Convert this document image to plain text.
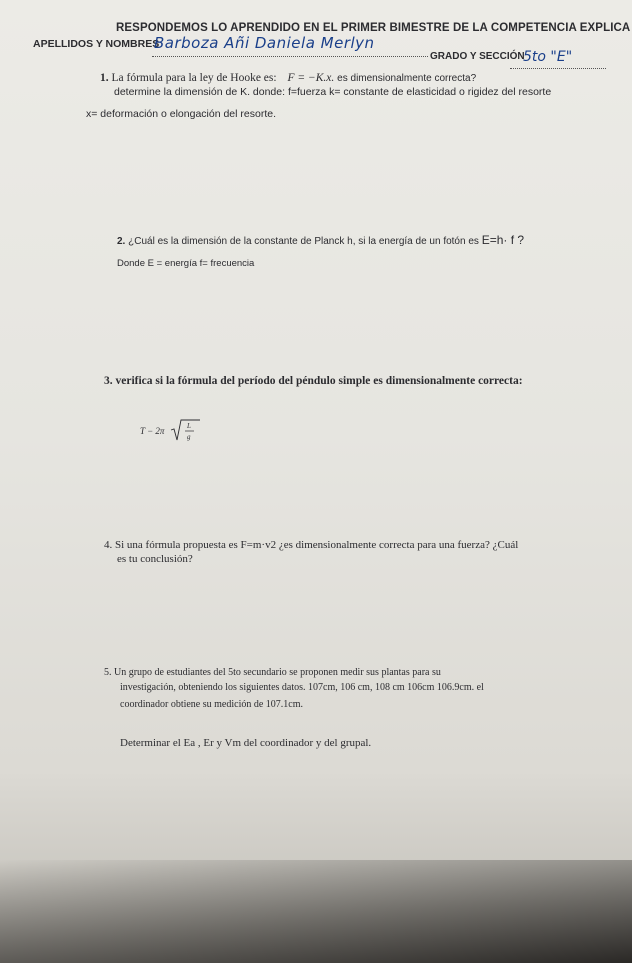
RESPONDEMOS LO APRENDIDO EN EL PRIMER BIMESTRE DE LA COMPETENCIA EXPLICA
APELLIDOS Y NOMBRES
Barboza Añi Daniela Merlyn
GRADO Y SECCIÓN
5to "E"
1. La fórmula para la ley de Hooke es: F = −K.x. es dimensionalmente correcta?
determine la dimensión de K. donde: f=fuerza k= constante de elasticidad o rigidez del resorte
x= deformación o elongación del resorte.
2. ¿Cuál es la dimensión de la constante de Planck h, si la energía de un fotón es E=h· f ?
Donde E = energía f= frecuencia
3. verifica si la fórmula del período del péndulo simple es dimensionalmente correcta:
T − 2π	L
g
4. Si una fórmula propuesta es F=m·v2 ¿es dimensionalmente correcta para una fuerza? ¿Cuál
es tu conclusión?
5. Un grupo de estudiantes del 5to secundario se proponen medir sus plantas para su
investigación, obteniendo los siguientes datos. 107cm, 106 cm, 108 cm 106cm 106.9cm. el
coordinador obtiene su medición de 107.1cm.
Determinar el Ea , Er y Vm del coordinador y del grupal.
